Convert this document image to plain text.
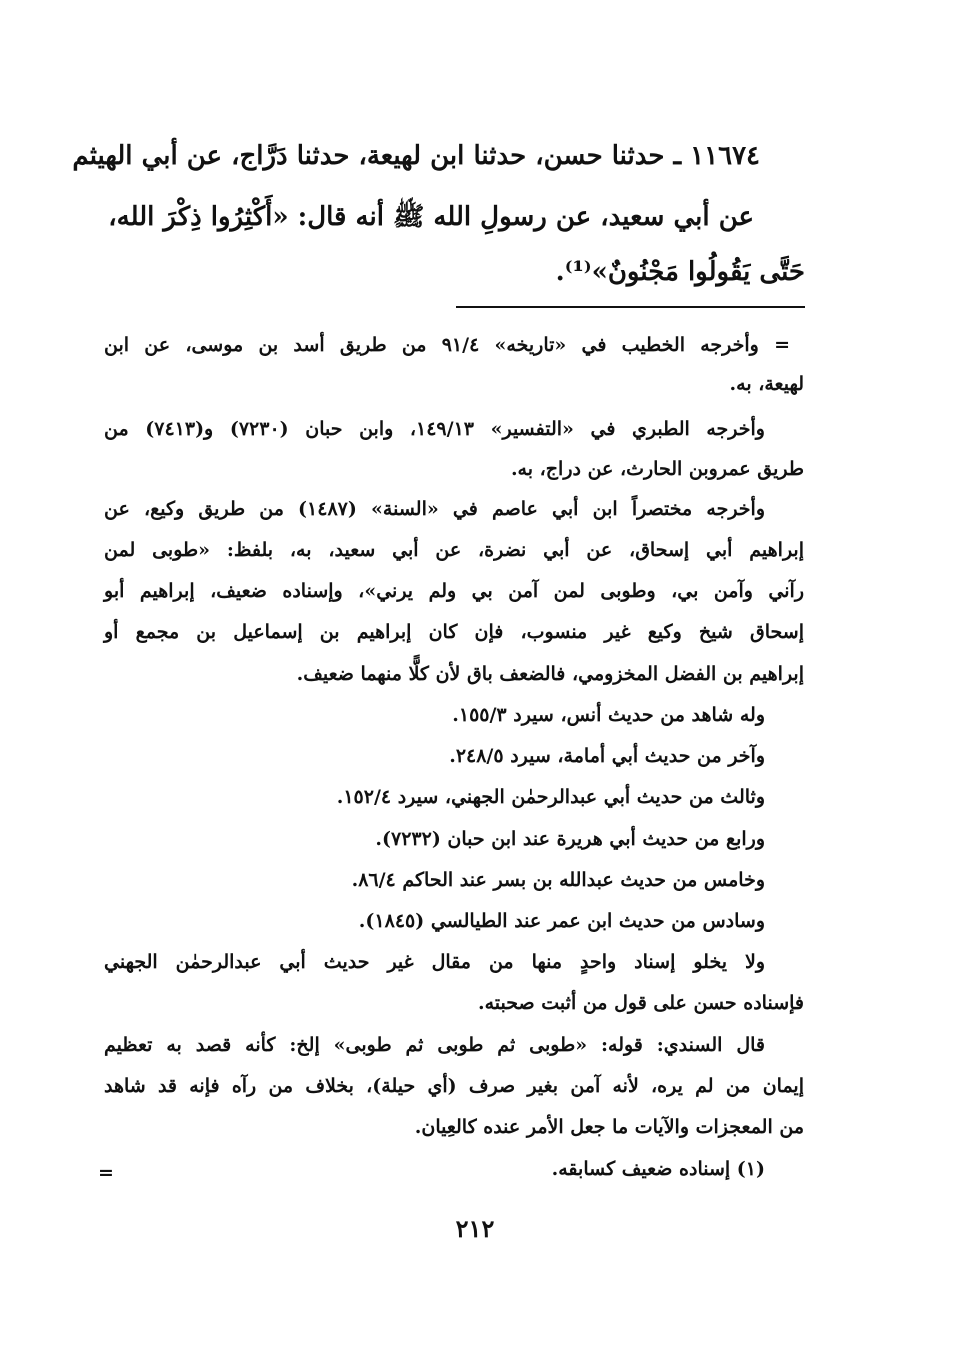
١١٦٧٤ ـ حدثنا حسن، حدثنا ابن لهيعة، حدثنا دَرَّاج، عن أبي الهيثم
عن أبي سعيد، عن رسولِ الله ﷺ أنه قال: «أَكْثِرُوا ذِكْرَ الله،
حَتَّى يَقُولُوا مَجْنُونٌ»⁽¹⁾.
= وأخرجه الخطيب في «تاريخه» ٩١/٤ من طريق أسد بن موسى، عن ابن
لهيعة، به.
وأخرجه الطبري في «التفسير» ١٤٩/١٣، وابن حبان (٧٢٣٠) و(٧٤١٣) من
طريق عمروبن الحارث، عن دراج، به.
وأخرجه مختصراً ابن أبي عاصم في «السنة» (١٤٨٧) من طريق وكيع، عن
إبراهيم أبي إسحاق، عن أبي نضرة، عن أبي سعيد، به، بلفظ: «طوبى لمن
رآني وآمن بي، وطوبى لمن آمن بي ولم يرني»، وإسناده ضعيف، إبراهيم أبو
إسحاق شيخ وكيع غير منسوب، فإن كان إبراهيم بن إسماعيل بن مجمع أو
إبراهيم بن الفضل المخزومي، فالضعف باق لأن كلًّا منهما ضعيف.
وله شاهد من حديث أنس، سيرد ١٥٥/٣.
وآخر من حديث أبي أمامة، سيرد ٢٤٨/٥.
وثالث من حديث أبي عبدالرحمٰن الجهني، سيرد ١٥٢/٤.
ورابع من حديث أبي هريرة عند ابن حبان (٧٢٣٢).
وخامس من حديث عبدالله بن بسر عند الحاكم ٨٦/٤.
وسادس من حديث ابن عمر عند الطيالسي (١٨٤٥).
ولا يخلو إسناد واحدٍ منها من مقال غير حديث أبي عبدالرحمٰن الجهني
فإسناده حسن على قول من أثبت صحبته.
قال السندي: قوله: «طوبى ثم طوبى ثم طوبى» إلخ: كأنه قصد به تعظيم
إيمان من لم يره، لأنه آمن بغير صرف (أي حيلة)، بخلاف من رآه فإنه قد شاهد
من المعجزات والآيات ما جعل الأمر عنده كالعِيان.
(١) إسناده ضعيف كسابقه.
=
٢١٢
